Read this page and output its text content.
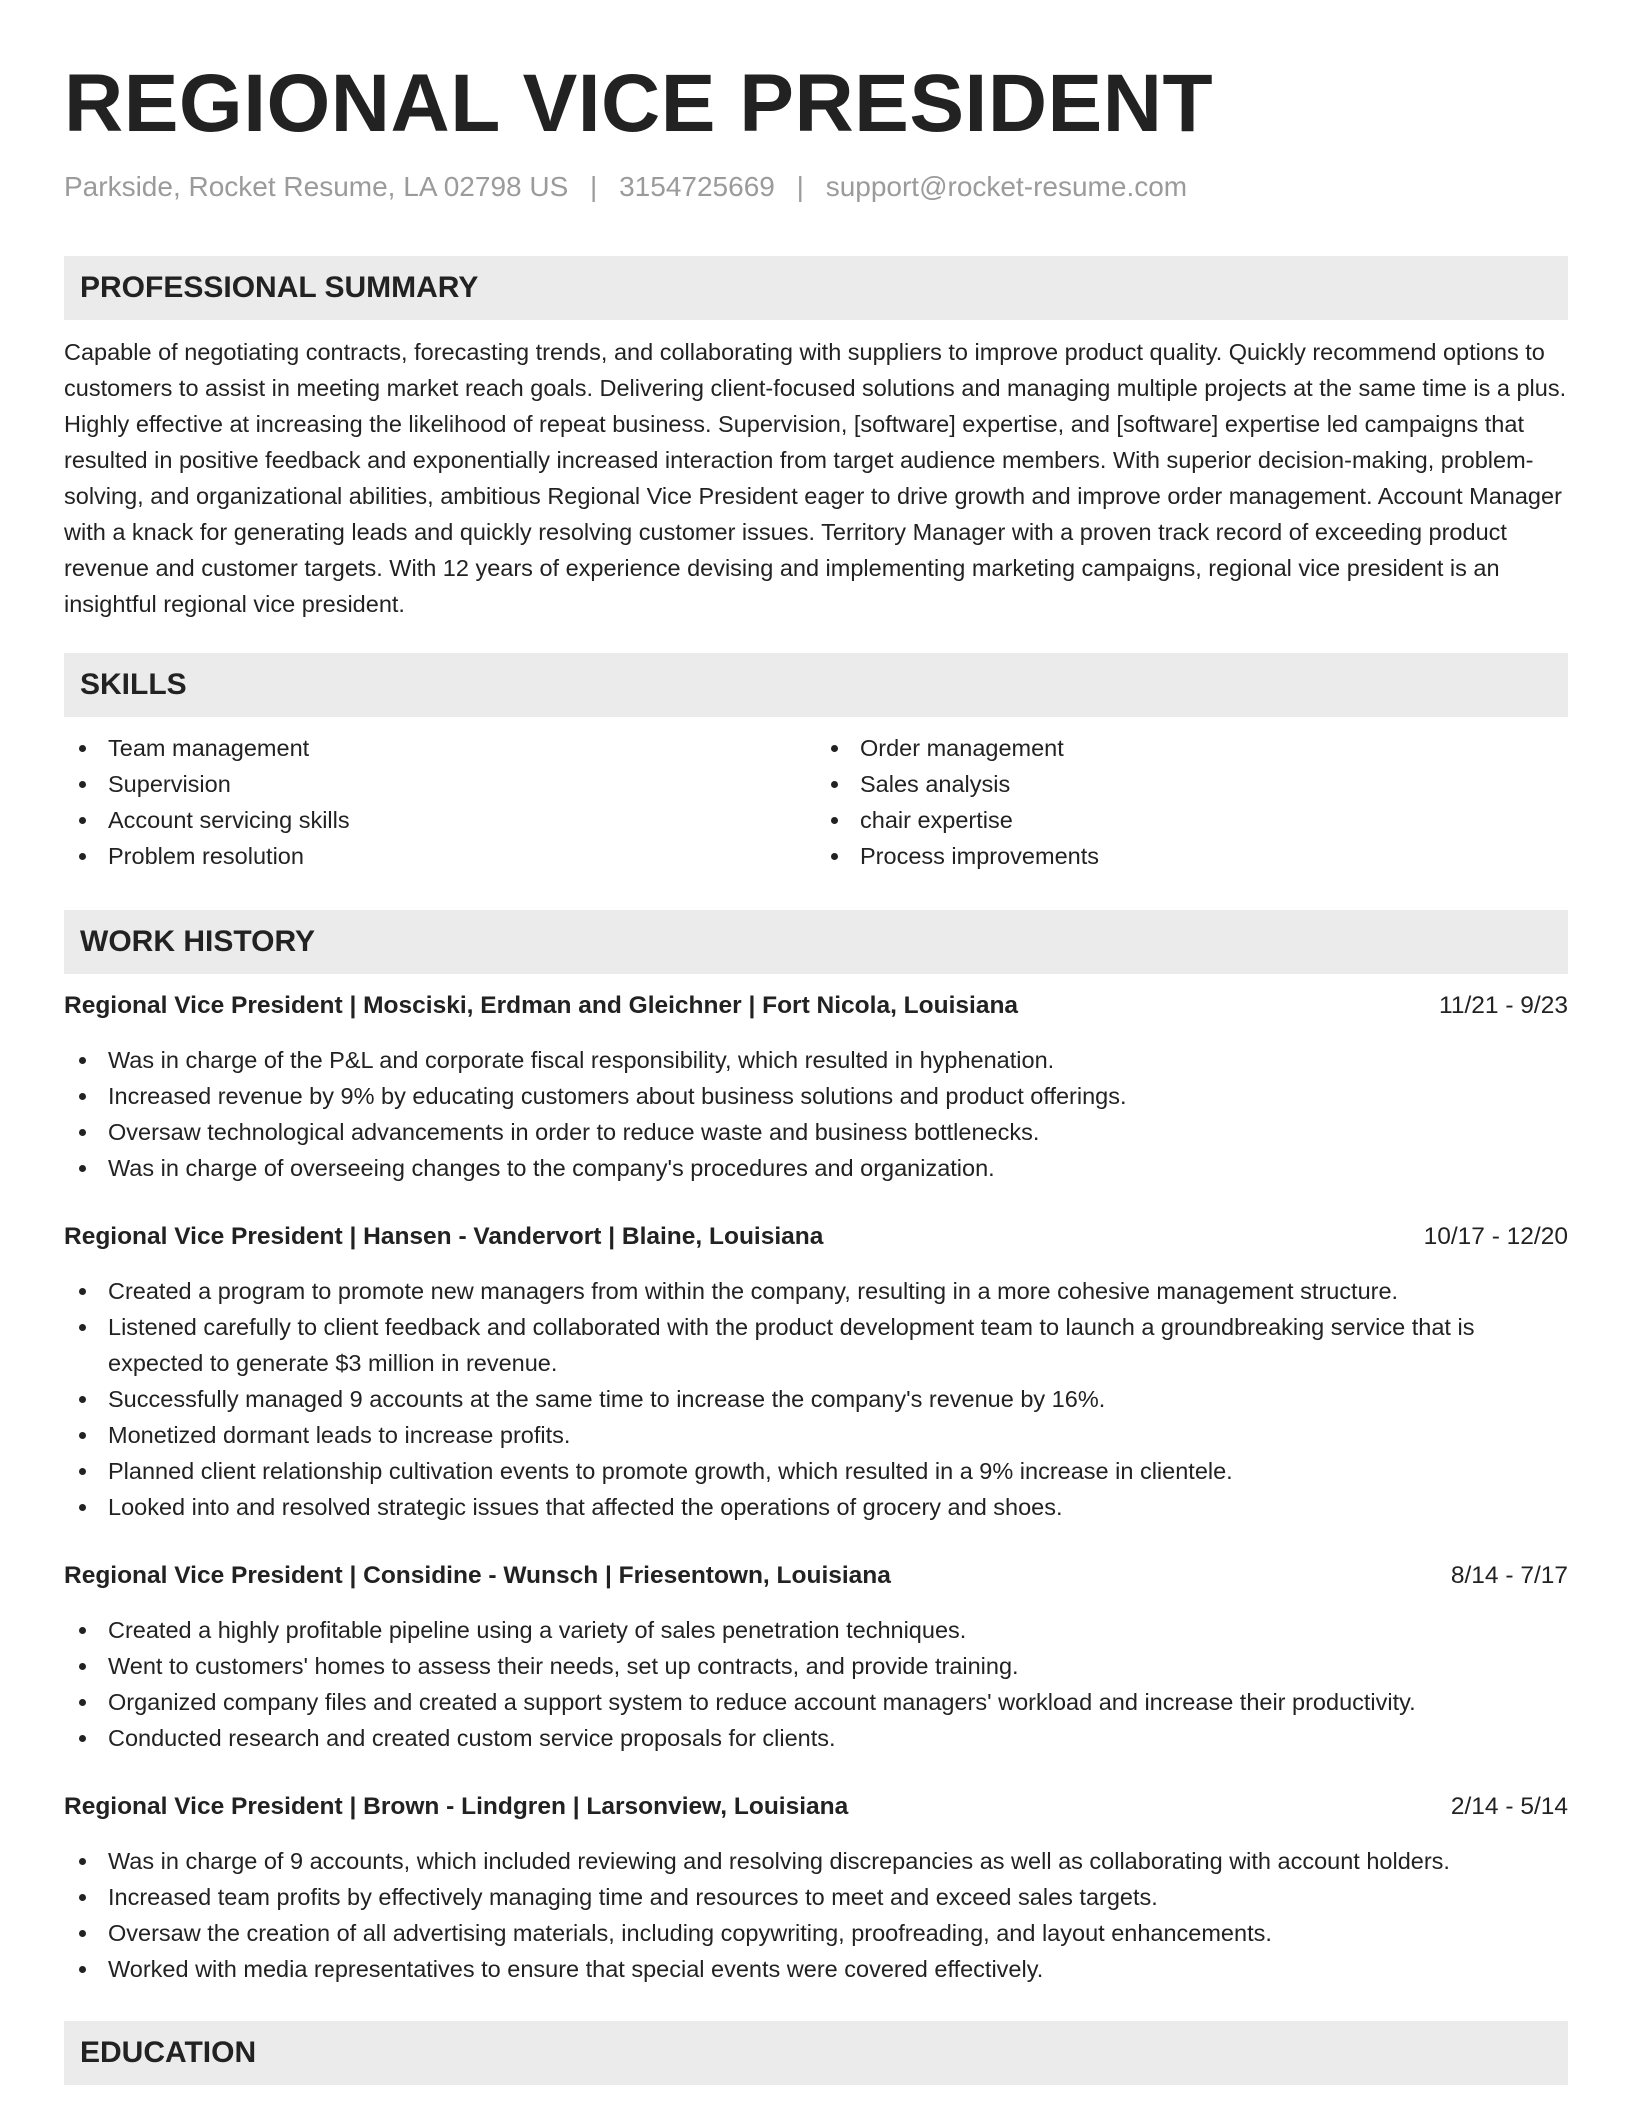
REGIONAL VICE PRESIDENT
Parkside, Rocket Resume, LA 02798 US | 3154725669 | support@rocket-resume.com
PROFESSIONAL SUMMARY

Capable of negotiating contracts, forecasting trends, and collaborating with suppliers to improve product quality. Quickly recommend options to customers to assist in meeting market reach goals. Delivering client-focused solutions and managing multiple projects at the same time is a plus. Highly effective at increasing the likelihood of repeat business. Supervision, [software] expertise, and [software] expertise led campaigns that resulted in positive feedback and exponentially increased interaction from target audience members. With superior decision-making, problem-solving, and organizational abilities, ambitious Regional Vice President eager to drive growth and improve order management. Account Manager with a knack for generating leads and quickly resolving customer issues. Territory Manager with a proven track record of exceeding product revenue and customer targets. With 12 years of experience devising and implementing marketing campaigns, regional vice president is an insightful regional vice president.

SKILLS
Team management
Supervision
Account servicing skills
Problem resolution
Order management
Sales analysis
chair expertise
Process improvements
WORK HISTORY
Regional Vice President | Mosciski, Erdman and Gleichner | Fort Nicola, Louisiana	11/21 - 9/23
Was in charge of the P&L and corporate fiscal responsibility, which resulted in hyphenation.
Increased revenue by 9% by educating customers about business solutions and product offerings.
Oversaw technological advancements in order to reduce waste and business bottlenecks.
Was in charge of overseeing changes to the company's procedures and organization.
Regional Vice President | Hansen - Vandervort | Blaine, Louisiana	10/17 - 12/20
Created a program to promote new managers from within the company, resulting in a more cohesive management structure.
Listened carefully to client feedback and collaborated with the product development team to launch a groundbreaking service that is expected to generate $3 million in revenue.
Successfully managed 9 accounts at the same time to increase the company's revenue by 16%.
Monetized dormant leads to increase profits.
Planned client relationship cultivation events to promote growth, which resulted in a 9% increase in clientele.
Looked into and resolved strategic issues that affected the operations of grocery and shoes.
Regional Vice President | Considine - Wunsch | Friesentown, Louisiana	8/14 - 7/17
Created a highly profitable pipeline using a variety of sales penetration techniques.
Went to customers' homes to assess their needs, set up contracts, and provide training.
Organized company files and created a support system to reduce account managers' workload and increase their productivity.
Conducted research and created custom service proposals for clients.
Regional Vice President | Brown - Lindgren | Larsonview, Louisiana	2/14 - 5/14
Was in charge of 9 accounts, which included reviewing and resolving discrepancies as well as collaborating with account holders.
Increased team profits by effectively managing time and resources to meet and exceed sales targets.
Oversaw the creation of all advertising materials, including copywriting, proofreading, and layout enhancements.
Worked with media representatives to ensure that special events were covered effectively.
EDUCATION
